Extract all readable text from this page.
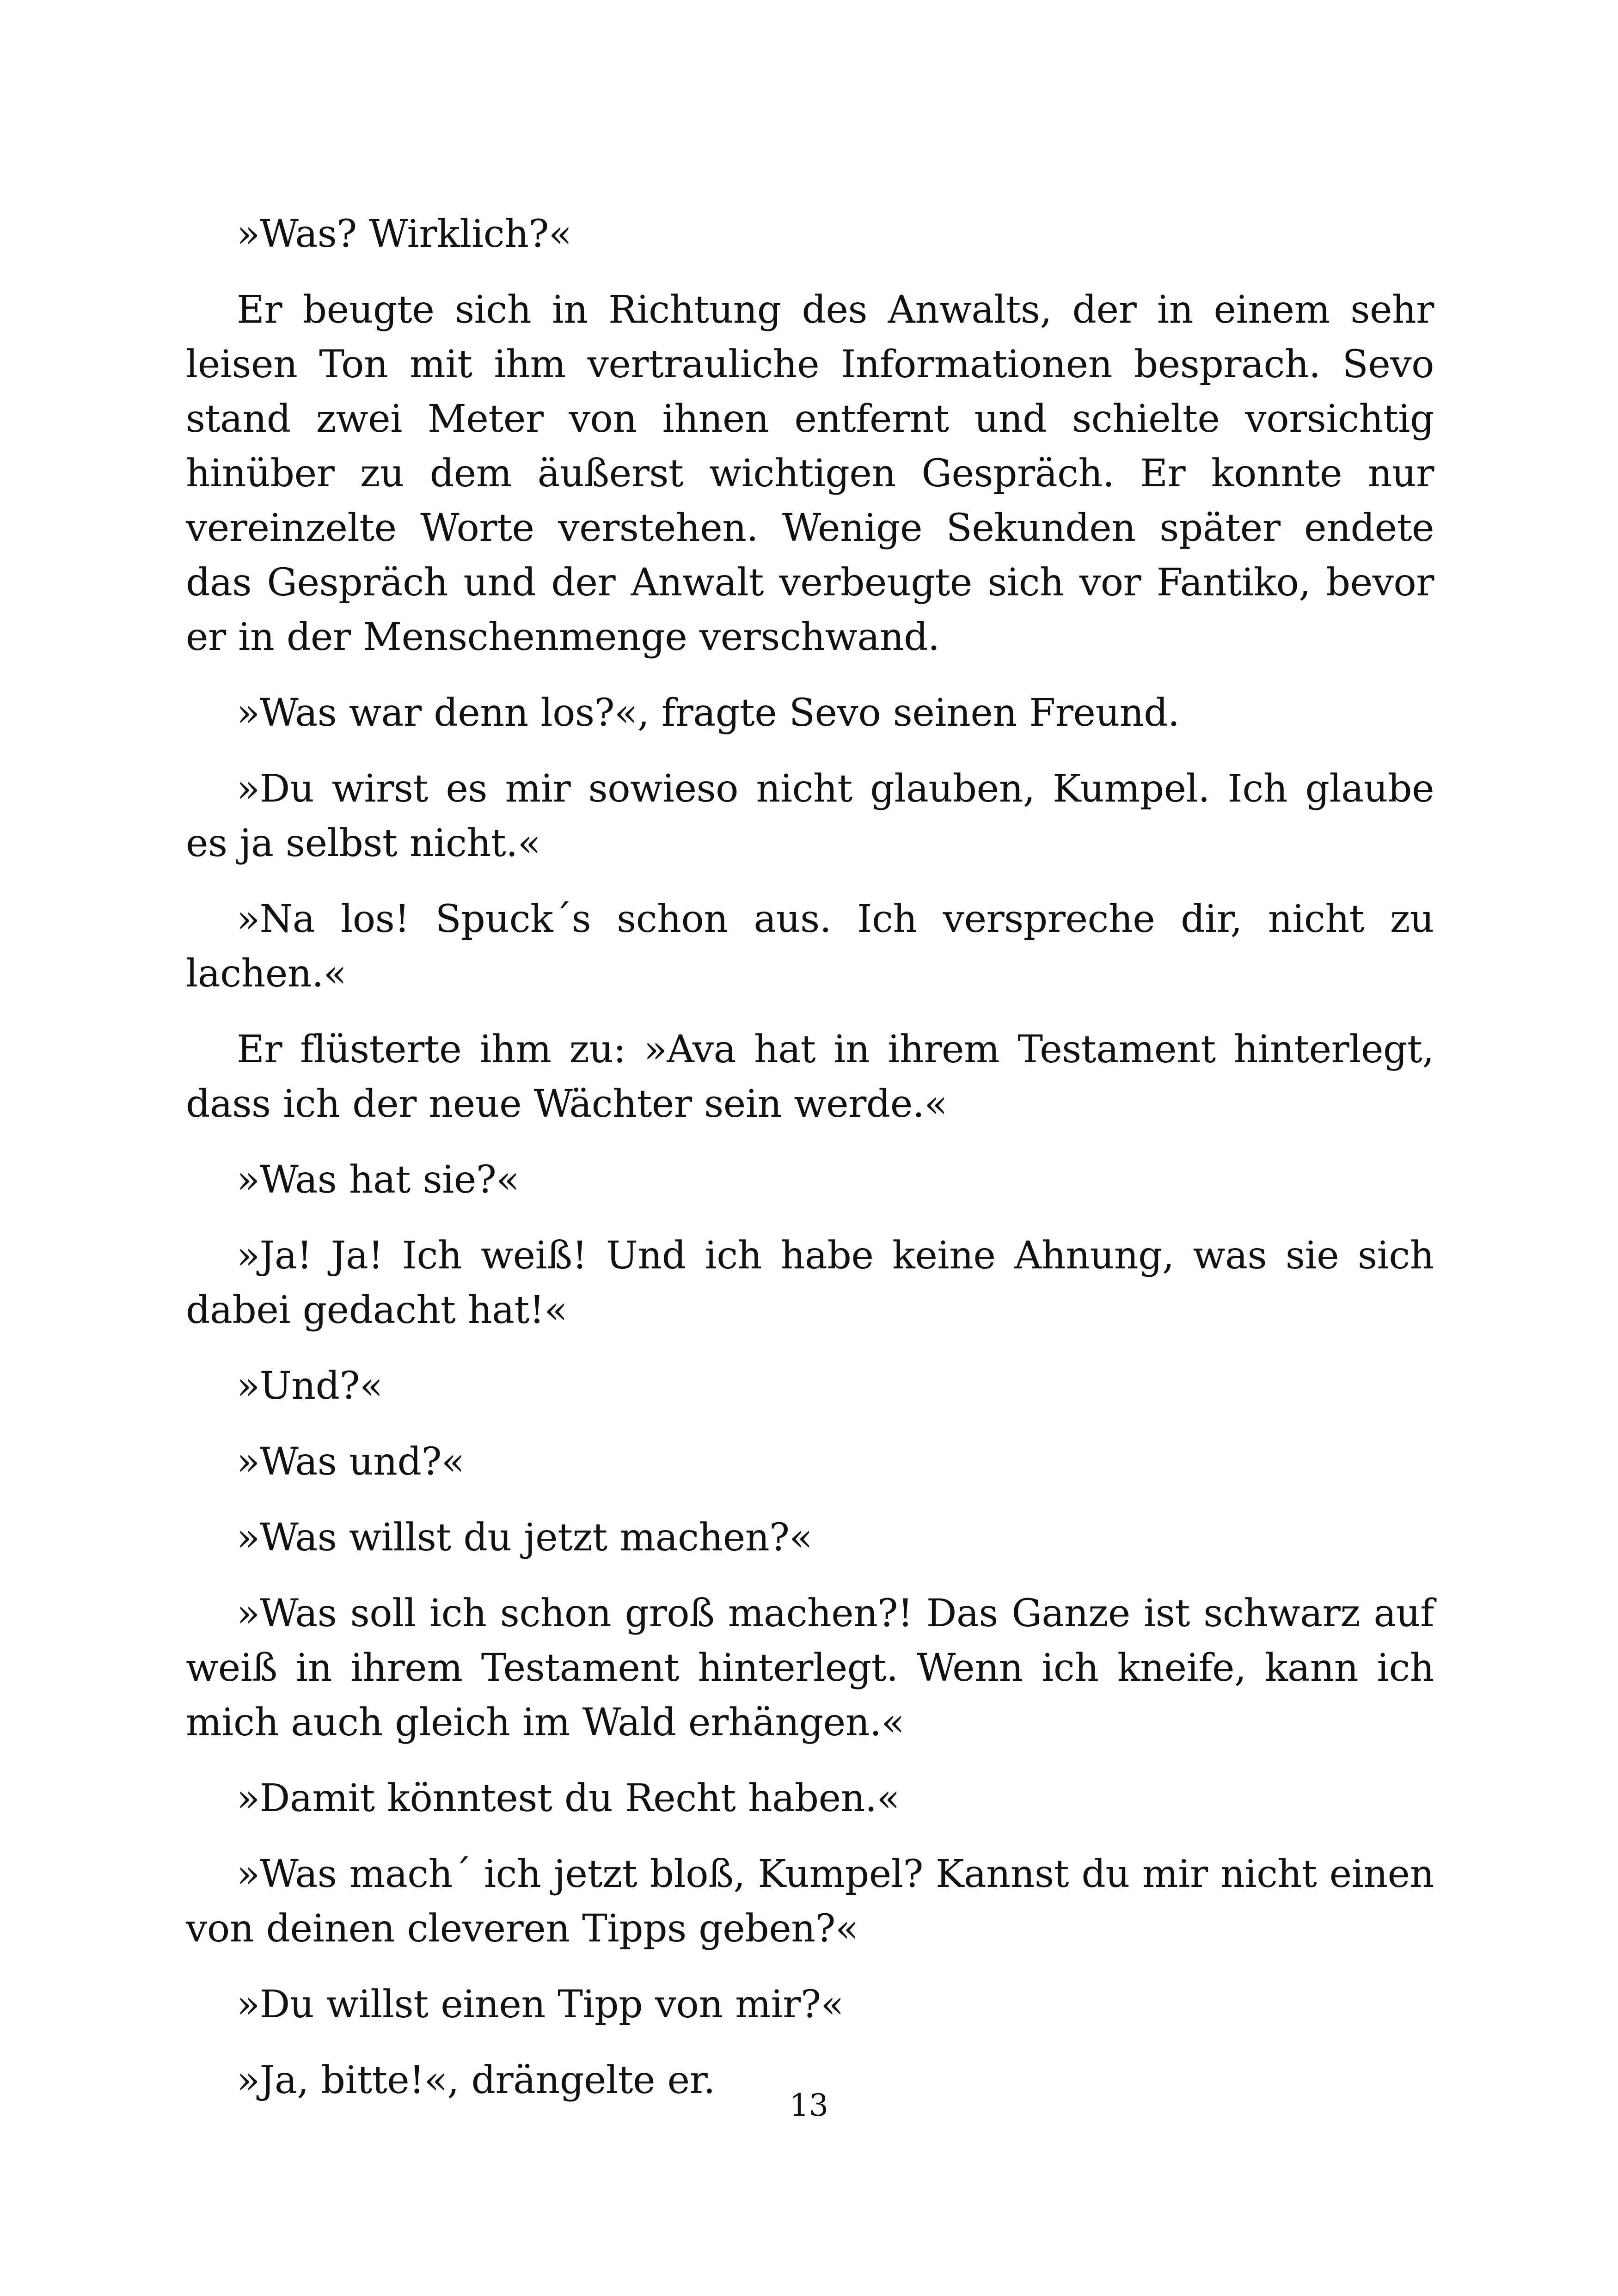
»Was? Wirklich?«

Er beugte sich in Richtung des Anwalts, der in einem sehr leisen Ton mit ihm vertrauliche Informationen besprach. Sevo stand zwei Meter von ihnen entfernt und schielte vorsichtig hinüber zu dem äußerst wichtigen Gespräch. Er konnte nur vereinzelte Worte verstehen. Wenige Sekunden später endete das Gespräch und der Anwalt verbeugte sich vor Fantiko, bevor er in der Menschenmenge verschwand.

»Was war denn los?«, fragte Sevo seinen Freund.

»Du wirst es mir sowieso nicht glauben, Kumpel. Ich glaube es ja selbst nicht.«

»Na los! Spuck´s schon aus. Ich verspreche dir, nicht zu lachen.«

Er flüsterte ihm zu: »Ava hat in ihrem Testament hinterlegt, dass ich der neue Wächter sein werde.«

»Was hat sie?«

»Ja! Ja! Ich weiß! Und ich habe keine Ahnung, was sie sich dabei gedacht hat!«

»Und?«

»Was und?«

»Was willst du jetzt machen?«

»Was soll ich schon groß machen?! Das Ganze ist schwarz auf weiß in ihrem Testament hinterlegt. Wenn ich kneife, kann ich mich auch gleich im Wald erhängen.«

»Damit könntest du Recht haben.«

»Was mach´ ich jetzt bloß, Kumpel? Kannst du mir nicht einen von deinen cleveren Tipps geben?«

»Du willst einen Tipp von mir?«

»Ja, bitte!«, drängelte er.

13
